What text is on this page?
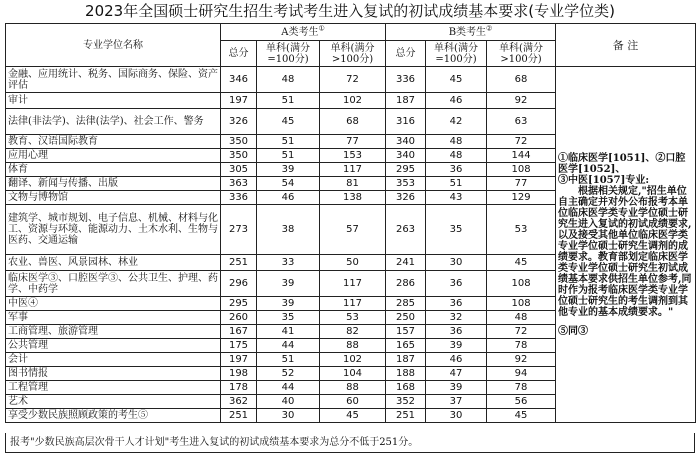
2023年全国硕士研究生招生考试考生进入复试的初试成绩基本要求(专业学位类)
专业学位名称	A类考生①			B类考生②			备 注
	总分	单科(满分=100分)	单科(满分>100分)	总分	单科(满分=100分)	单科(满分>100分)	
金融、应用统计、税务、国际商务、保险、资产评估	346	48	72	336	45	68	①临床医学[1051]、②口腔医学[1052]、

③中医[1057]专业:

根据相关规定,"招生单位自主确定并对外公布报考本单位临床医学类专业学位硕士研究生进入复试的初试成绩要求,以及接受其他单位临床医学类专业学位硕士研究生调剂的成绩要求。教育部划定临床医学类专业学位硕士研究生初试成绩基本要求供招生单位参考,同时作为报考临床医学类专业学位硕士研究生的考生调剂到其他专业的基本成绩要求。"

⑤同③

审计	197	51	102	187	46	92	
法律(非法学)、法律(法学)、社会工作、警务	326	45	68	316	42	63	
教育、汉语国际教育	350	51	77	340	48	72	
应用心理	350	51	153	340	48	144	
体育	305	39	117	295	36	108	
翻译、新闻与传播、出版	363	54	81	353	51	77	
文物与博物馆	336	46	138	326	43	129	
建筑学、城市规划、电子信息、机械、材料与化工、资源与环境、能源动力、土木水利、生物与医药、交通运输	273	38	57	263	35	53	
农业、兽医、风景园林、林业	251	33	50	241	30	45	
临床医学③、口腔医学③、公共卫生、护理、药学、中药学	296	39	117	286	36	108	
中医④	295	39	117	285	36	108	
军事	260	35	53	250	32	48	
工商管理、旅游管理	167	41	82	157	36	72	
公共管理	175	44	88	165	39	78	
会计	197	51	102	187	46	92	
图书情报	198	52	104	188	47	94	
工程管理	178	44	88	168	39	78	
艺术	362	40	60	352	37	56	
享受少数民族照顾政策的考生⑤	251	30	45	251	30	45	
报考"少数民族高层次骨干人才计划"考生进入复试的初试成绩基本要求为总分不低于251分。
